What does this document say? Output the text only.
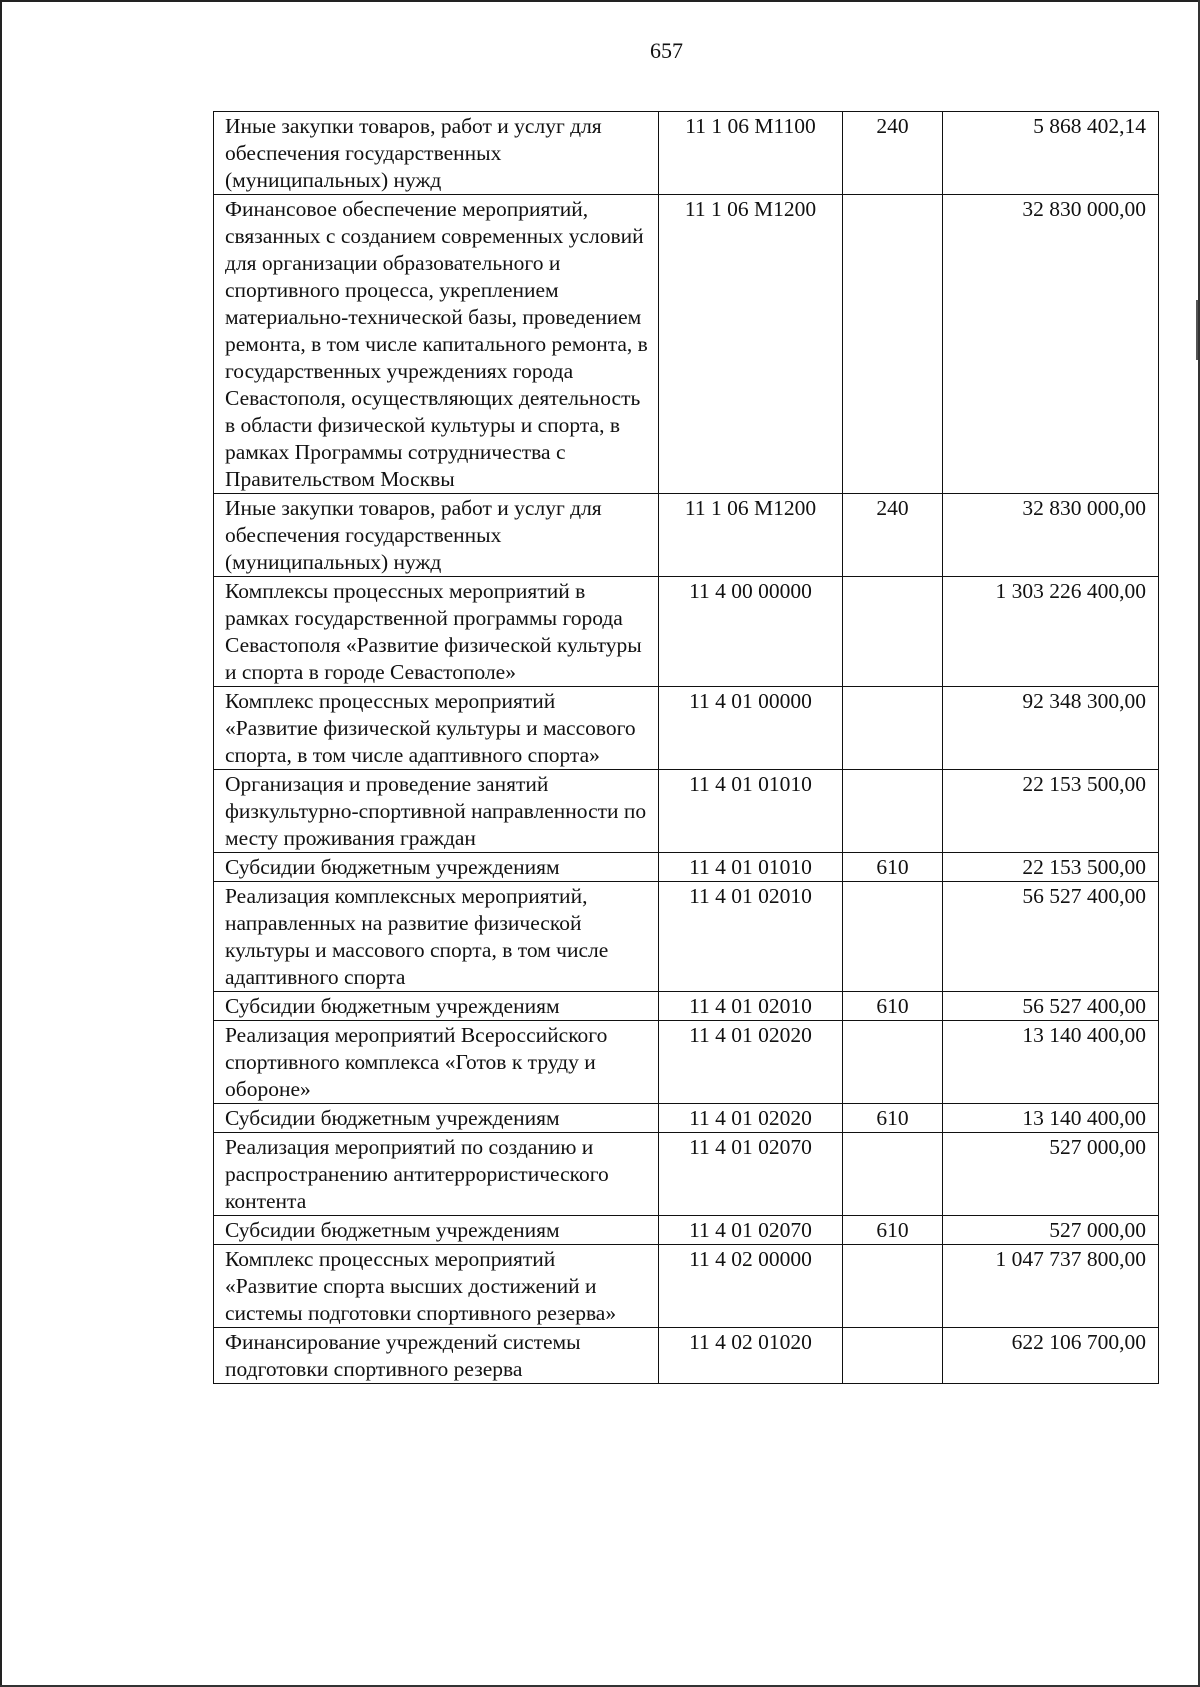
657
Иные закупки товаров, работ и услуг для обеспечения государственных (муниципальных) нужд	11 1 06 M1100	240	5 868 402,14
Финансовое обеспечение мероприятий, связанных с созданием современных условий для организации образовательного и спортивного процесса, укреплением материально-технической базы, проведением ремонта, в том числе капитального ремонта, в государственных учреждениях города Севастополя, осуществляющих деятельность в области физической культуры и спорта, в рамках Программы сотрудничества с Правительством Москвы	11 1 06 M1200		32 830 000,00
Иные закупки товаров, работ и услуг для обеспечения государственных (муниципальных) нужд	11 1 06 M1200	240	32 830 000,00
Комплексы процессных мероприятий в рамках государственной программы города Севастополя «Развитие физической культуры и спорта в городе Севастополе»	11 4 00 00000		1 303 226 400,00
Комплекс процессных мероприятий «Развитие физической культуры и массового спорта, в том числе адаптивного спорта»	11 4 01 00000		92 348 300,00
Организация и проведение занятий физкультурно-спортивной направленности по месту проживания граждан	11 4 01 01010		22 153 500,00
Субсидии бюджетным учреждениям	11 4 01 01010	610	22 153 500,00
Реализация комплексных мероприятий, направленных на развитие физической культуры и массового спорта, в том числе адаптивного спорта	11 4 01 02010		56 527 400,00
Субсидии бюджетным учреждениям	11 4 01 02010	610	56 527 400,00
Реализация мероприятий Всероссийского спортивного комплекса «Готов к труду и обороне»	11 4 01 02020		13 140 400,00
Субсидии бюджетным учреждениям	11 4 01 02020	610	13 140 400,00
Реализация мероприятий по созданию и распространению антитеррористического контента	11 4 01 02070		527 000,00
Субсидии бюджетным учреждениям	11 4 01 02070	610	527 000,00
Комплекс процессных мероприятий «Развитие спорта высших достижений и системы подготовки спортивного резерва»	11 4 02 00000		1 047 737 800,00
Финансирование учреждений системы подготовки спортивного резерва	11 4 02 01020		622 106 700,00
